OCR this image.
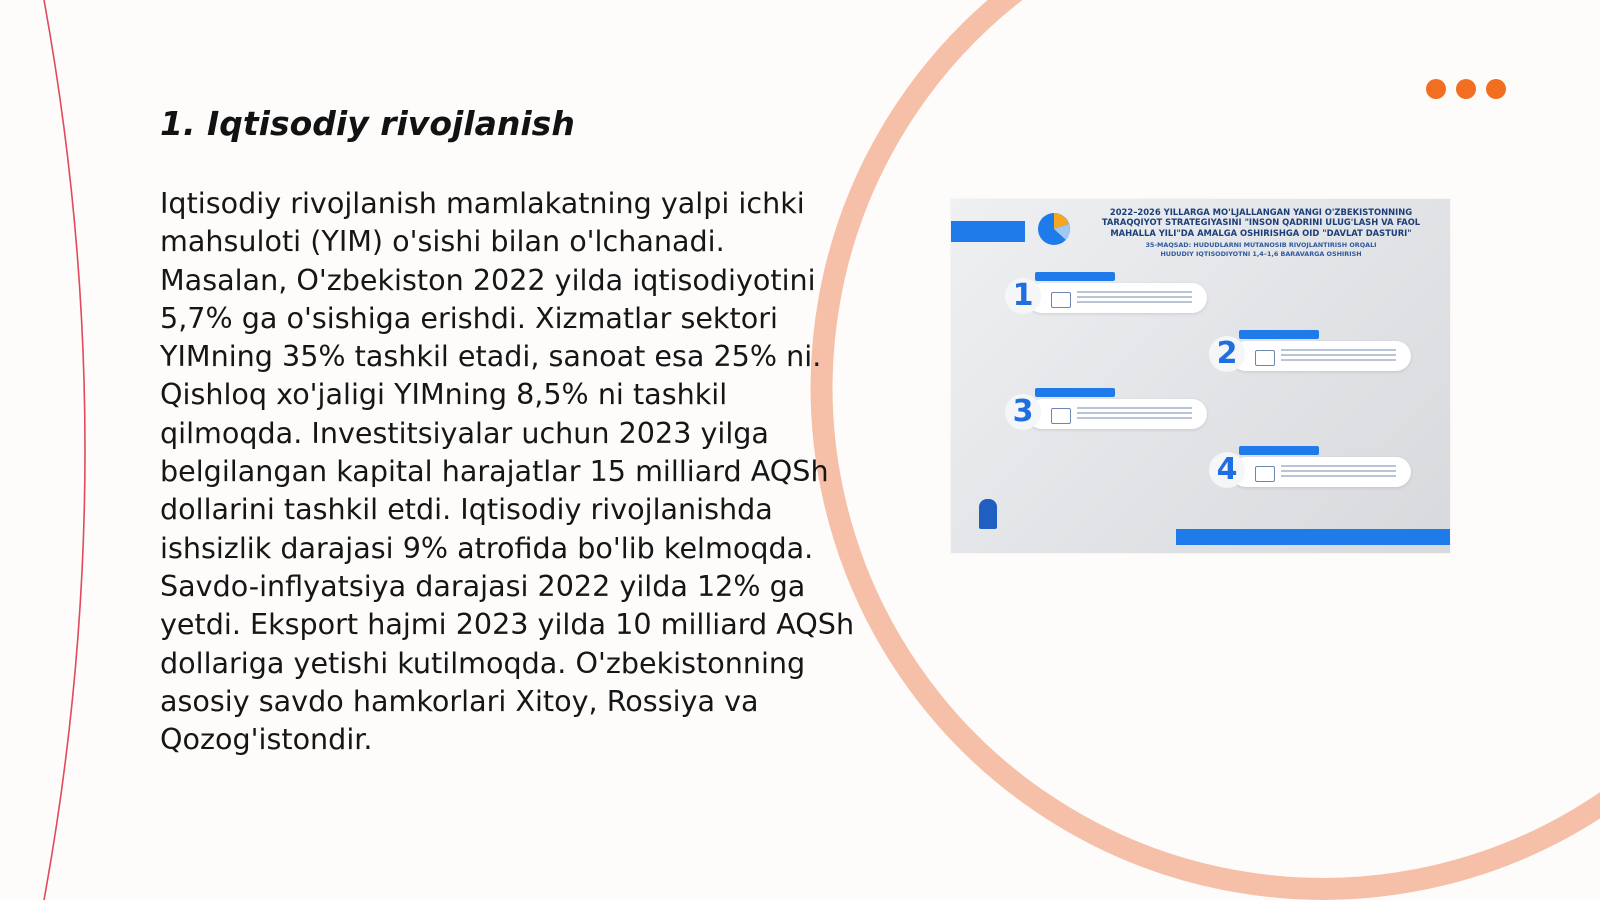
1. Iqtisodiy rivojlanish

Iqtisodiy rivojlanish mamlakatning yalpi ichki mahsuloti (YIM) o'sishi bilan o'lchanadi. Masalan, O'zbekiston 2022 yilda iqtisodiyotini 5,7% ga o'sishiga erishdi. Xizmatlar sektori YIMning 35% tashkil etadi, sanoat esa 25% ni. Qishloq xo'jaligi YIMning 8,5% ni tashkil qilmoqda. Investitsiyalar uchun 2023 yilga belgilangan kapital harajatlar 15 milliard AQSh dollarini tashkil etdi. Iqtisodiy rivojlanishda ishsizlik darajasi 9% atrofida bo'lib kelmoqda. Savdo-inflyatsiya darajasi 2022 yilda 12% ga yetdi. Eksport hajmi 2023 yilda 10 milliard AQSh dollariga yetishi kutilmoqda. O'zbekistonning asosiy savdo hamkorlari Xitoy, Rossiya va Qozog'istondir.

2022–2026 YILLARGA MO'LJALLANGAN YANGI O'ZBEKISTONNING

TARAQQIYOT STRATEGIYASINI "INSON QADRINI ULUG'LASH VA FAOL

MAHALLA YILI"DA AMALGA OSHIRISHGA OID "DAVLAT DASTURI"

35-MAQSAD: HUDUDLARNI MUTANOSIB RIVOJLANTIRISH ORQALI

HUDUDIY IQTISODIYOTNI 1,4–1,6 BARAVARGA OSHIRISH

1
2
3
4
